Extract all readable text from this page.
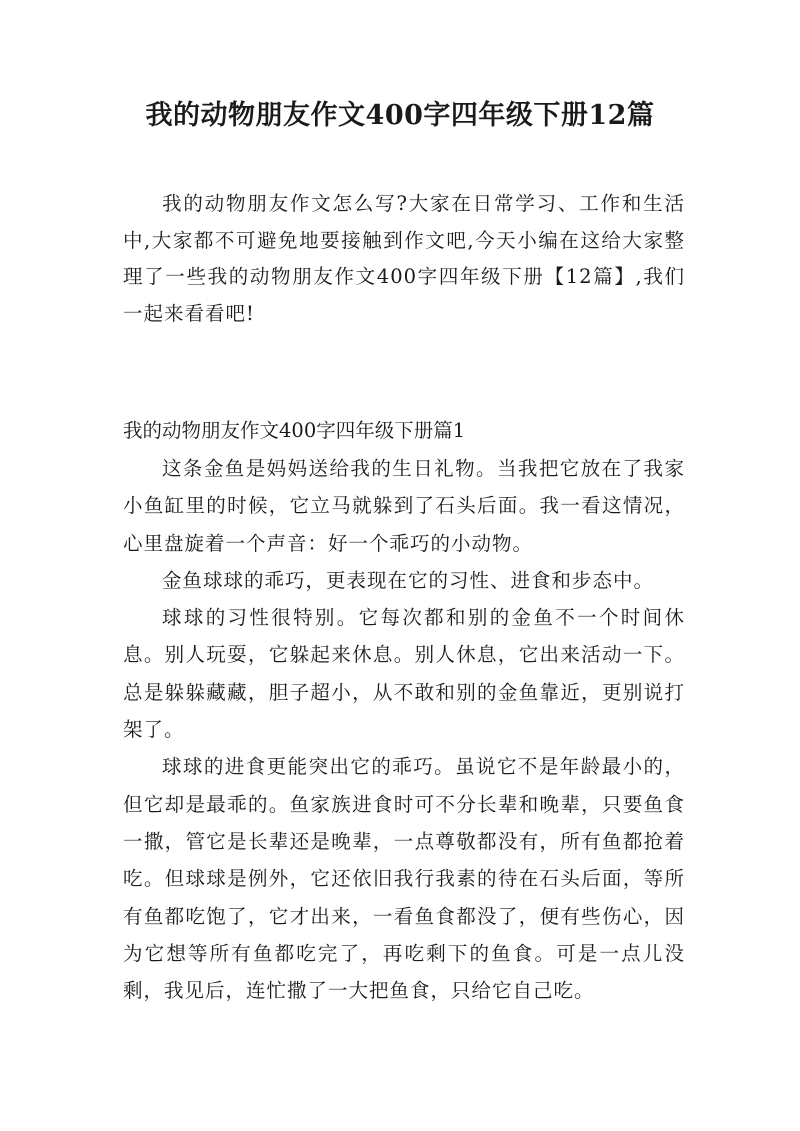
我的动物朋友作文400字四年级下册12篇

我的动物朋友作文怎么写?大家在日常学习、工作和生活中,大家都不可避免地要接触到作文吧,今天小编在这给大家整理了一些我的动物朋友作文400字四年级下册【12篇】,我们一起来看看吧!

我的动物朋友作文400字四年级下册篇1

这条金鱼是妈妈送给我的生日礼物。当我把它放在了我家小鱼缸里的时候，它立马就躲到了石头后面。我一看这情况，心里盘旋着一个声音：好一个乖巧的小动物。

金鱼球球的乖巧，更表现在它的习性、进食和步态中。

球球的习性很特别。它每次都和别的金鱼不一个时间休息。别人玩耍，它躲起来休息。别人休息，它出来活动一下。总是躲躲藏藏，胆子超小，从不敢和别的金鱼靠近，更别说打架了。

球球的进食更能突出它的乖巧。虽说它不是年龄最小的，但它却是最乖的。鱼家族进食时可不分长辈和晚辈，只要鱼食一撒，管它是长辈还是晚辈，一点尊敬都没有，所有鱼都抢着吃。但球球是例外，它还依旧我行我素的待在石头后面，等所有鱼都吃饱了，它才出来，一看鱼食都没了，便有些伤心，因为它想等所有鱼都吃完了，再吃剩下的鱼食。可是一点儿没剩，我见后，连忙撒了一大把鱼食，只给它自己吃。
